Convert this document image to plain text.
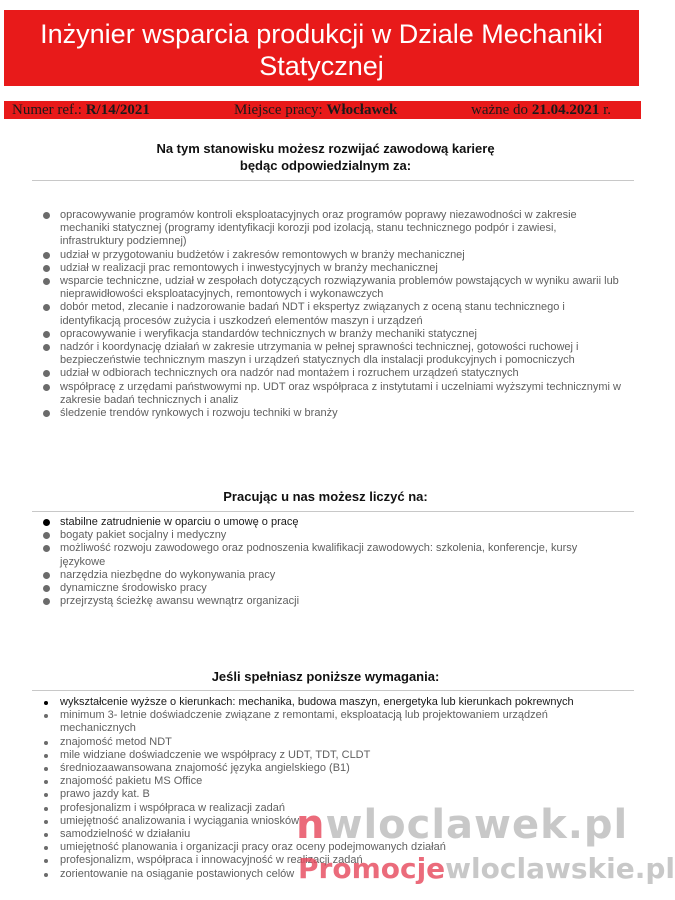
Inżynier wsparcia produkcji w Dziale Mechaniki
Statycznej
Numer ref.: R/14/2021	Miejsce pracy: Włocławek	ważne do 21.04.2021 r.
Na tym stanowisku możesz rozwijać zawodową karierę
będąc odpowiedzialnym za:
opracowywanie programów kontroli eksploatacyjnych oraz programów poprawy niezawodności w zakresie mechaniki statycznej (programy identyfikacji korozji pod izolacją, stanu technicznego podpór i zawiesi, infrastruktury podziemnej)
udział w przygotowaniu budżetów i zakresów remontowych w branży mechanicznej
udział w realizacji prac remontowych i inwestycyjnych w branży mechanicznej
wsparcie techniczne, udział w zespołach dotyczących rozwiązywania problemów powstających w wyniku awarii lub nieprawidłowości eksploatacyjnych, remontowych i wykonawczych
dobór metod, zlecanie i nadzorowanie badań NDT i ekspertyz związanych z oceną stanu technicznego i identyfikacją procesów zużycia i uszkodzeń elementów maszyn i urządzeń
opracowywanie i weryfikacja standardów technicznych w branży mechaniki statycznej
nadzór i koordynację działań w zakresie utrzymania w pełnej sprawności technicznej, gotowości ruchowej i bezpieczeństwie technicznym maszyn i urządzeń statycznych dla instalacji produkcyjnych i pomocniczych
udział w odbiorach technicznych ora nadzór nad montażem i rozruchem urządzeń statycznych
współpracę z urzędami państwowymi np. UDT oraz współpraca z instytutami i uczelniami wyższymi technicznymi w zakresie badań technicznych i analiz
śledzenie trendów rynkowych i rozwoju techniki w branży
Pracując u nas możesz liczyć na:
stabilne zatrudnienie w oparciu o umowę o pracę
bogaty pakiet socjalny i medyczny
możliwość rozwoju zawodowego oraz podnoszenia kwalifikacji zawodowych: szkolenia, konferencje, kursy językowe
narzędzia niezbędne do wykonywania pracy
dynamiczne środowisko pracy
przejrzystą ścieżkę awansu wewnątrz organizacji
Jeśli spełniasz poniższe wymagania:
wykształcenie wyższe o kierunkach: mechanika, budowa maszyn, energetyka lub kierunkach pokrewnych
minimum 3- letnie doświadczenie związane z remontami, eksploatacją lub projektowaniem urządzeń mechanicznych
znajomość metod NDT
mile widziane doświadczenie we współpracy z UDT, TDT, CLDT
średniozaawansowana znajomość języka angielskiego (B1)
znajomość pakietu MS Office
prawo jazdy kat. B
profesjonalizm i współpraca w realizacji zadań
umiejętność analizowania i wyciągania wniosków
samodzielność w działaniu
umiejętność planowania i organizacji pracy oraz oceny podejmowanych działań
profesjonalizm, współpraca i innowacyjność w realizacji zadań
zorientowanie na osiąganie postawionych celów
nwloclawek.pl
Promocjewloclawskie.pl
